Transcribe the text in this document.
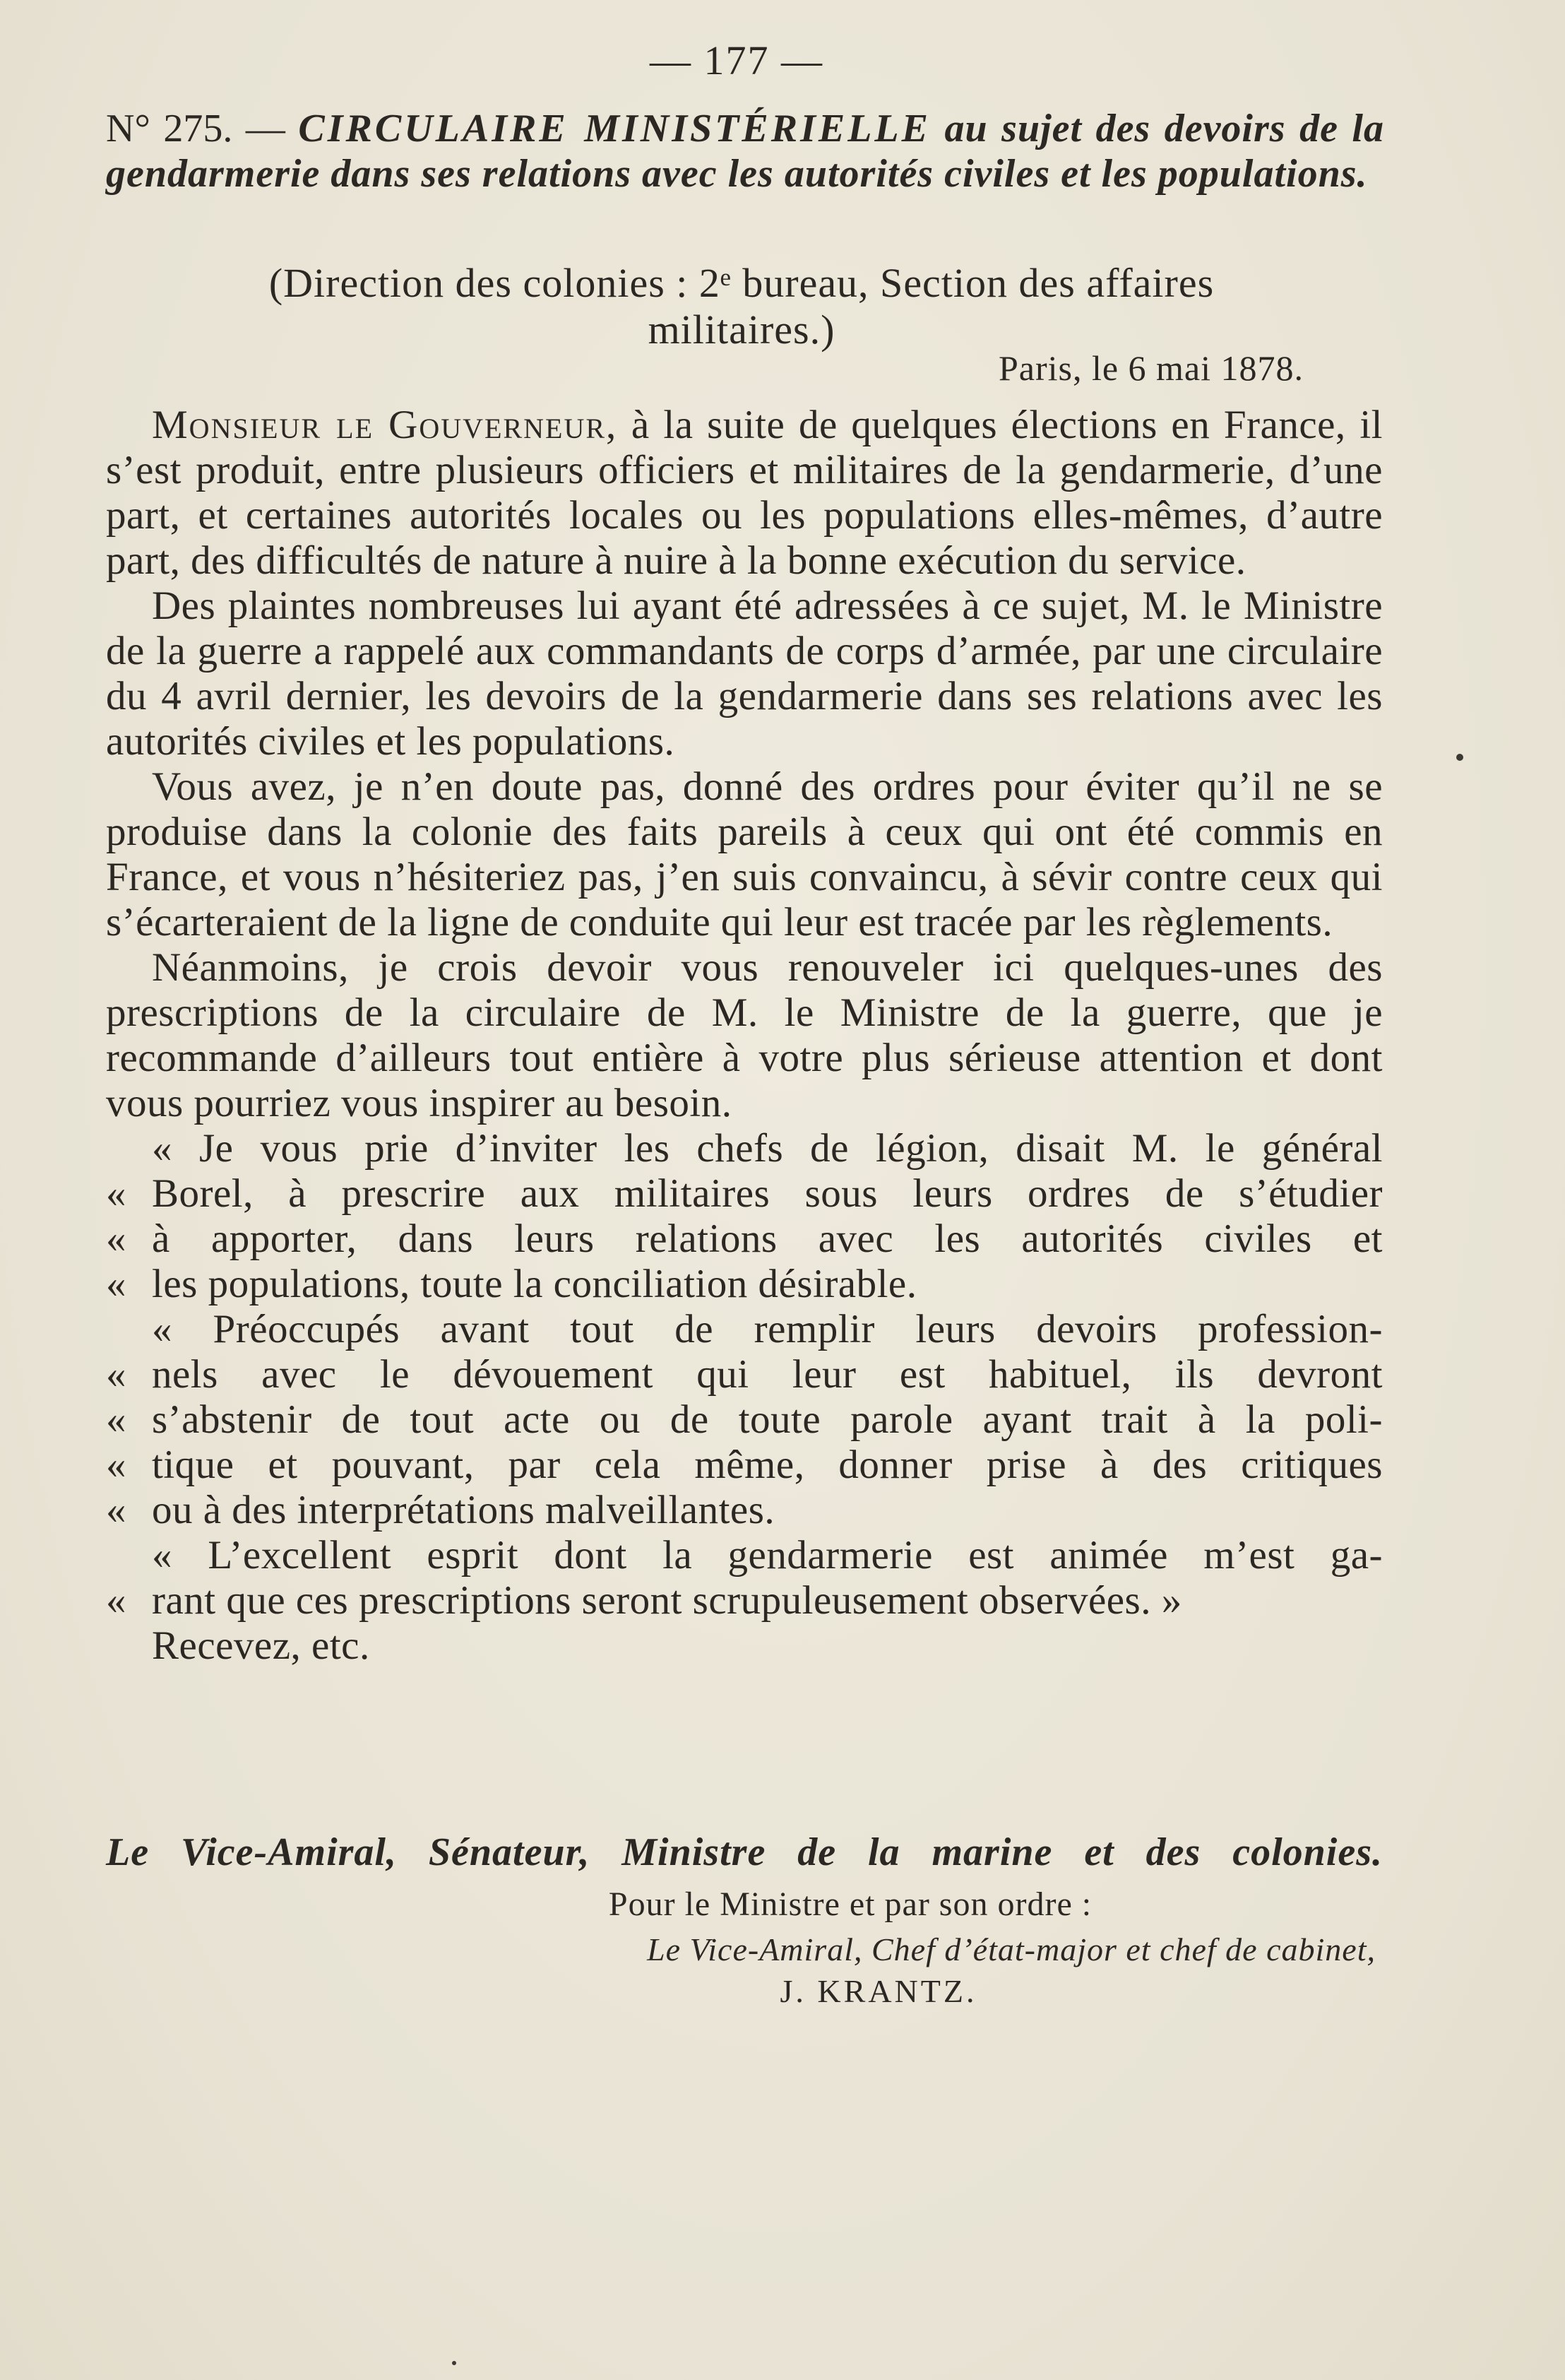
— 177 —
N° 275. — CIRCULAIRE MINISTÉRIELLE au sujet des devoirs de la gendarmerie dans ses relations avec les autorités civiles et les populations.
(Direction des colonies : 2ᵉ bureau, Section des affaires militaires.)
Paris, le 6 mai 1878.

Monsieur le Gouverneur, à la suite de quelques élections en France, il s’est produit, entre plusieurs officiers et militaires de la gendarmerie, d’une part, et certaines autorités locales ou les populations elles-mêmes, d’autre part, des difficultés de nature à nuire à la bonne exécution du service.

Des plaintes nombreuses lui ayant été adressées à ce sujet, M. le Ministre de la guerre a rappelé aux commandants de corps d’armée, par une circulaire du 4 avril dernier, les devoirs de la gendarmerie dans ses relations avec les autorités civiles et les populations.

Vous avez, je n’en doute pas, donné des ordres pour éviter qu’il ne se produise dans la colonie des faits pareils à ceux qui ont été commis en France, et vous n’hésiteriez pas, j’en suis convaincu, à sévir contre ceux qui s’écarteraient de la ligne de conduite qui leur est tracée par les règlements.

Néanmoins, je crois devoir vous renouveler ici quelques-unes des prescriptions de la circulaire de M. le Ministre de la guerre, que je recommande d’ailleurs tout entière à votre plus sérieuse attention et dont vous pourriez vous inspirer au besoin.

« Je vous prie d’inviter les chefs de légion, disait M. le général
« Borel, à prescrire aux militaires sous leurs ordres de s’étudier
« à apporter, dans leurs relations avec les autorités civiles et
« les populations, toute la conciliation désirable.
« Préoccupés avant tout de remplir leurs devoirs profession-
« nels avec le dévouement qui leur est habituel, ils devront
« s’abstenir de tout acte ou de toute parole ayant trait à la poli-
« tique et pouvant, par cela même, donner prise à des critiques
« ou à des interprétations malveillantes.
« L’excellent esprit dont la gendarmerie est animée m’est ga-
« rant que ces prescriptions seront scrupuleusement observées. »

Recevez, etc.

Le Vice-Amiral, Sénateur, Ministre de la marine et des colonies.
Pour le Ministre et par son ordre :
Le Vice-Amiral, Chef d’état-major et chef de cabinet,
J. KRANTZ.
